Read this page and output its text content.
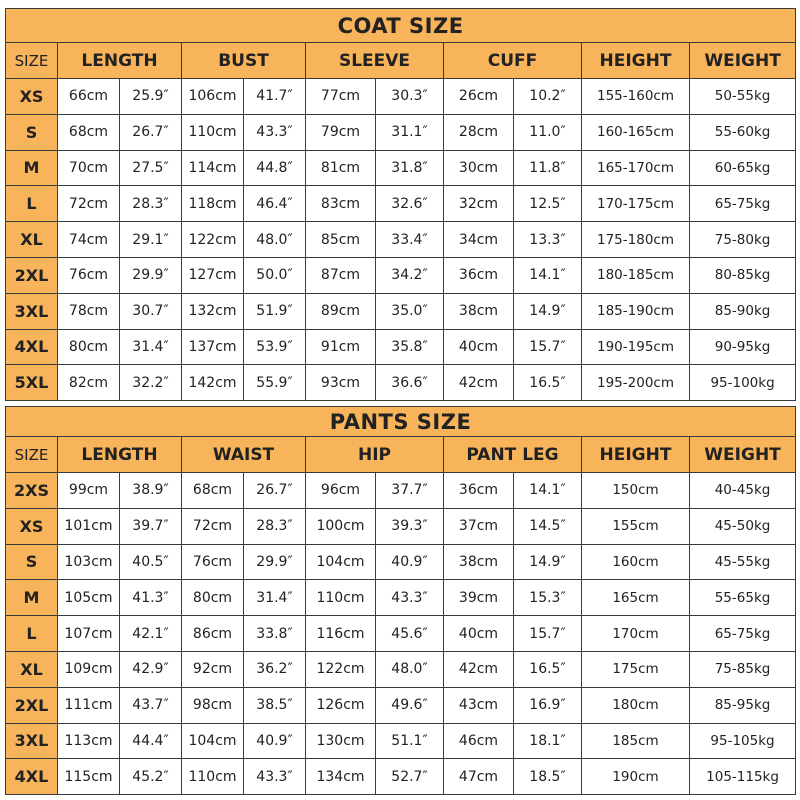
COAT SIZE										
SIZE	LENGTH		BUST		SLEEVE		CUFF		HEIGHT	WEIGHT
XS	66cm	25.9″	106cm	41.7″	77cm	30.3″	26cm	10.2″	155-160cm	50-55kg
S	68cm	26.7″	110cm	43.3″	79cm	31.1″	28cm	11.0″	160-165cm	55-60kg
M	70cm	27.5″	114cm	44.8″	81cm	31.8″	30cm	11.8″	165-170cm	60-65kg
L	72cm	28.3″	118cm	46.4″	83cm	32.6″	32cm	12.5″	170-175cm	65-75kg
XL	74cm	29.1″	122cm	48.0″	85cm	33.4″	34cm	13.3″	175-180cm	75-80kg
2XL	76cm	29.9″	127cm	50.0″	87cm	34.2″	36cm	14.1″	180-185cm	80-85kg
3XL	78cm	30.7″	132cm	51.9″	89cm	35.0″	38cm	14.9″	185-190cm	85-90kg
4XL	80cm	31.4″	137cm	53.9″	91cm	35.8″	40cm	15.7″	190-195cm	90-95kg
5XL	82cm	32.2″	142cm	55.9″	93cm	36.6″	42cm	16.5″	195-200cm	95-100kg
PANTS SIZE										
SIZE	LENGTH		WAIST		HIP		PANT LEG		HEIGHT	WEIGHT
2XS	99cm	38.9″	68cm	26.7″	96cm	37.7″	36cm	14.1″	150cm	40-45kg
XS	101cm	39.7″	72cm	28.3″	100cm	39.3″	37cm	14.5″	155cm	45-50kg
S	103cm	40.5″	76cm	29.9″	104cm	40.9″	38cm	14.9″	160cm	45-55kg
M	105cm	41.3″	80cm	31.4″	110cm	43.3″	39cm	15.3″	165cm	55-65kg
L	107cm	42.1″	86cm	33.8″	116cm	45.6″	40cm	15.7″	170cm	65-75kg
XL	109cm	42.9″	92cm	36.2″	122cm	48.0″	42cm	16.5″	175cm	75-85kg
2XL	111cm	43.7″	98cm	38.5″	126cm	49.6″	43cm	16.9″	180cm	85-95kg
3XL	113cm	44.4″	104cm	40.9″	130cm	51.1″	46cm	18.1″	185cm	95-105kg
4XL	115cm	45.2″	110cm	43.3″	134cm	52.7″	47cm	18.5″	190cm	105-115kg
